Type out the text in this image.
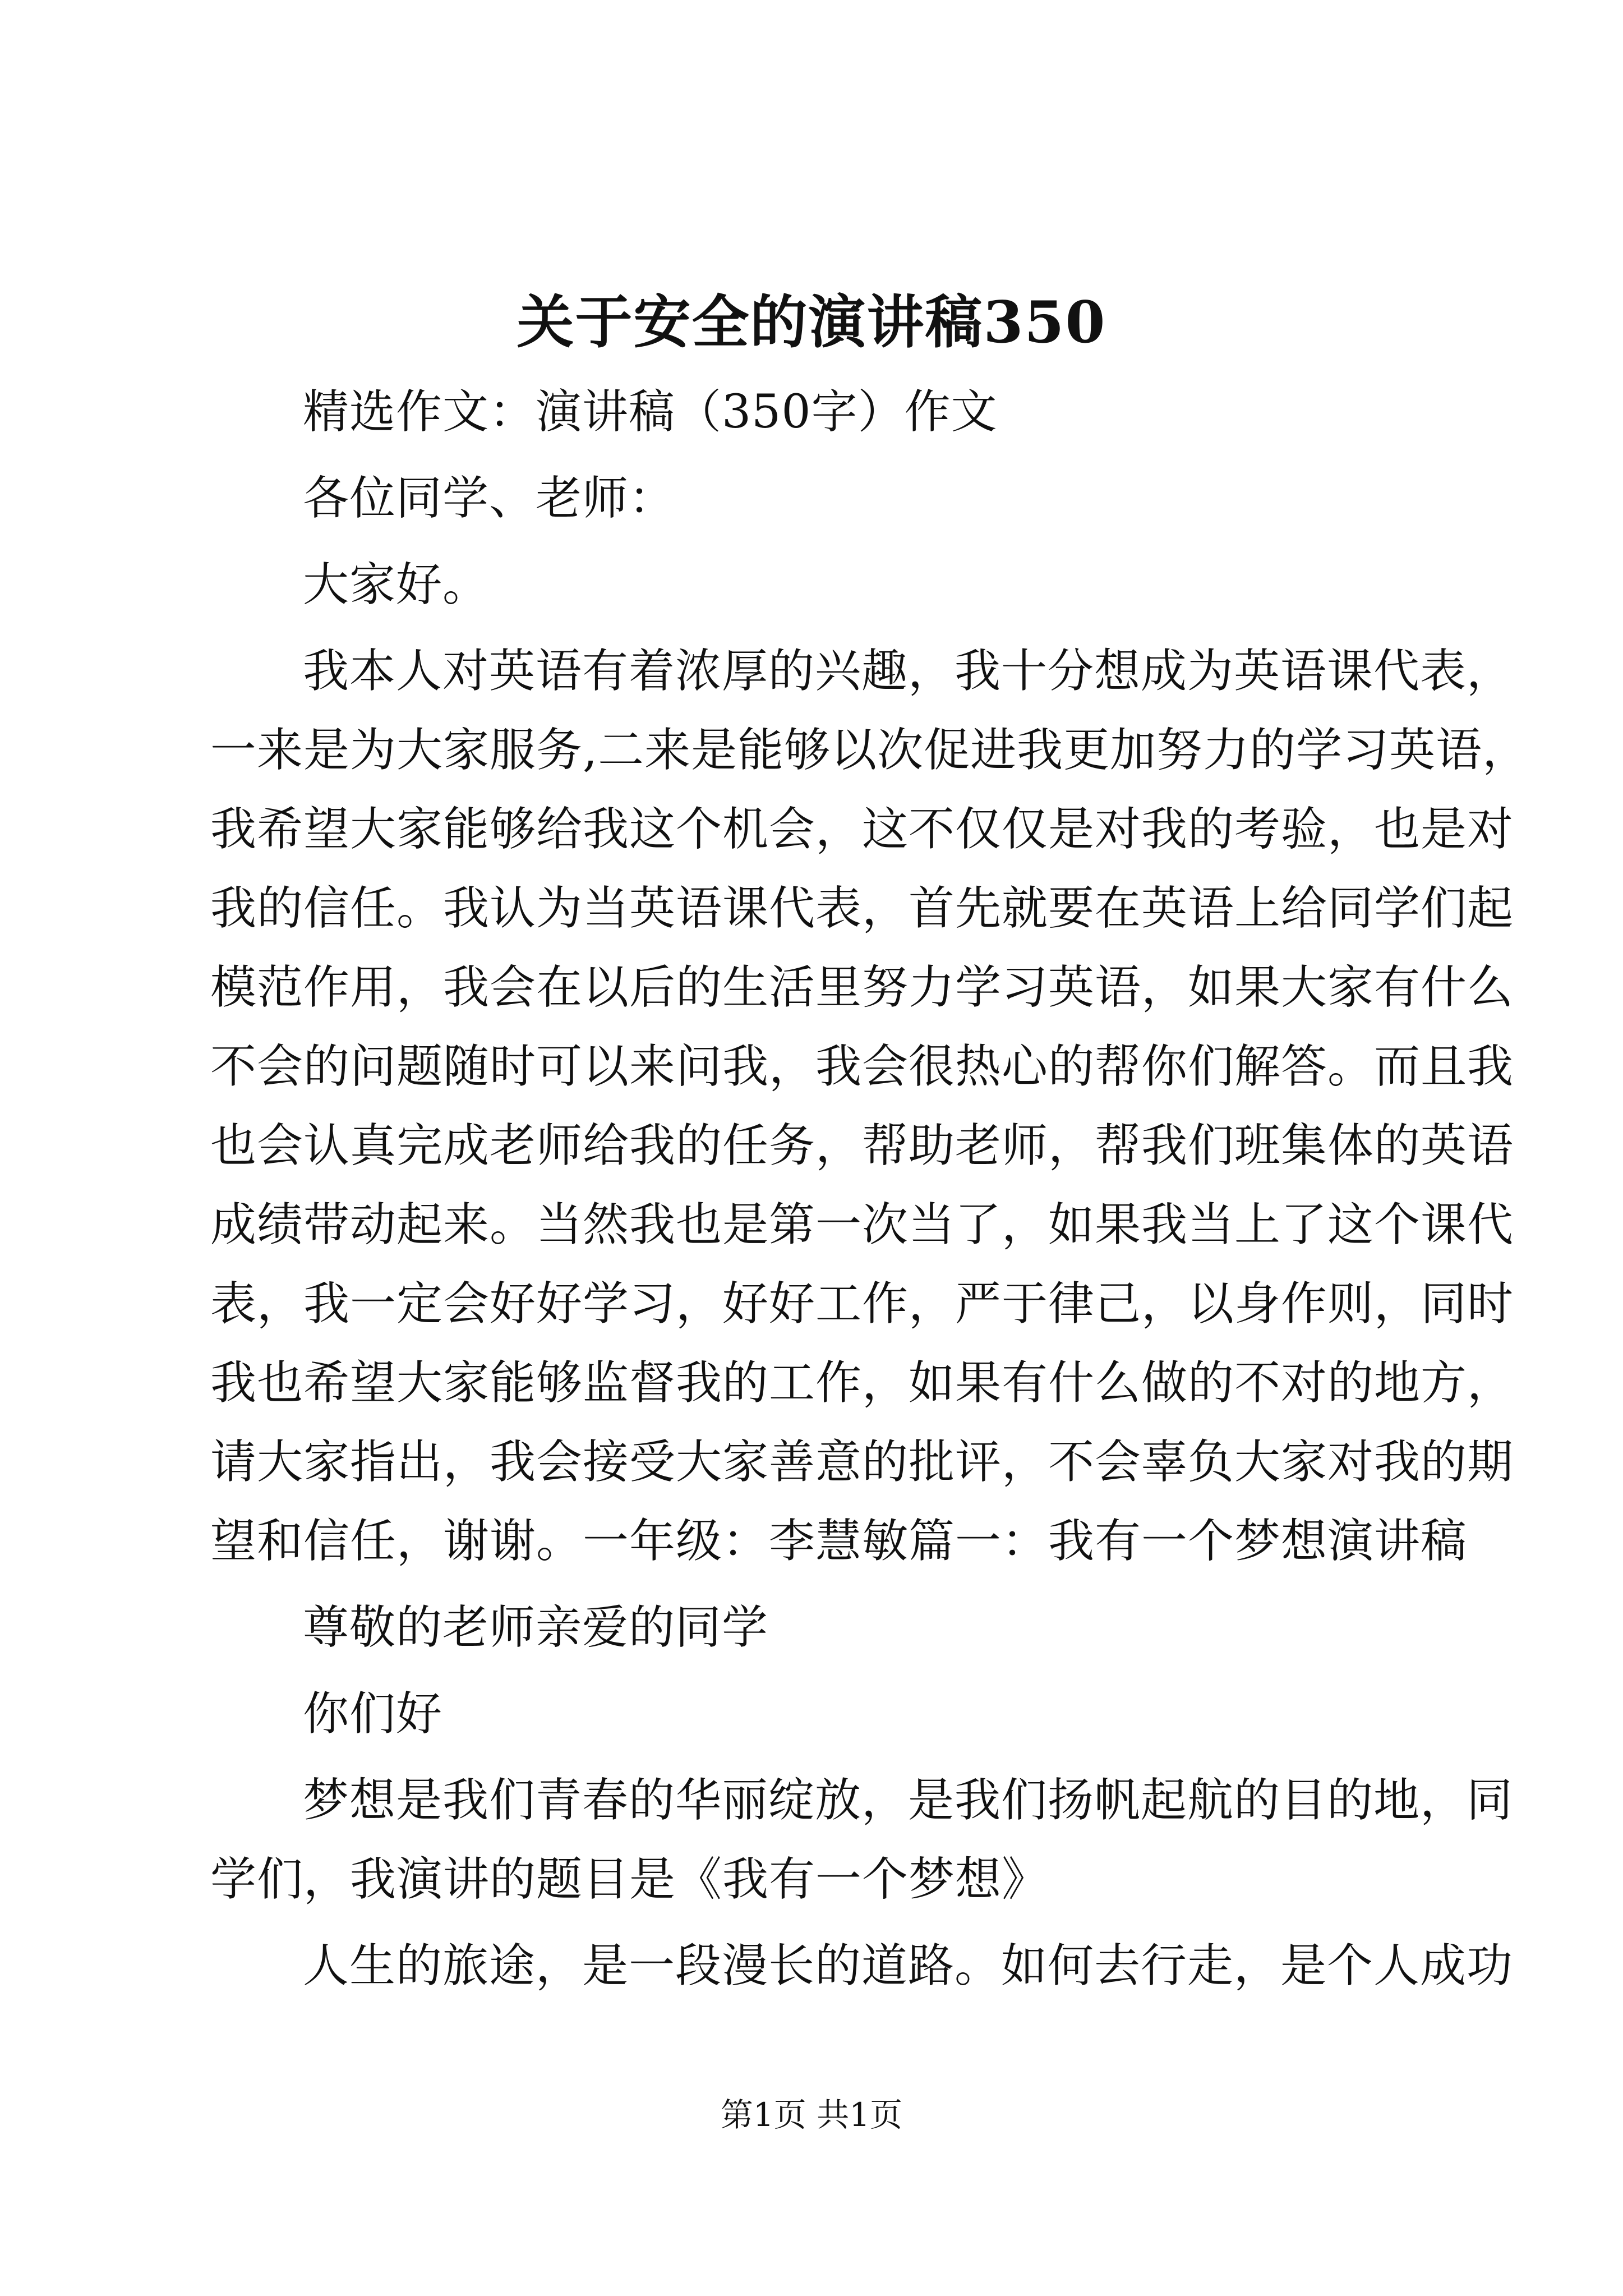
关于安全的演讲稿350
精选作文：演讲稿（350字）作文
各位同学、老师：
大家好。
我本人对英语有着浓厚的兴趣，我十分想成为英语课代表，
一来是为大家服务,二来是能够以次促进我更加努力的学习英语，
我希望大家能够给我这个机会，这不仅仅是对我的考验，也是对
我的信任。我认为当英语课代表，首先就要在英语上给同学们起
模范作用，我会在以后的生活里努力学习英语，如果大家有什么
不会的问题随时可以来问我，我会很热心的帮你们解答。而且我
也会认真完成老师给我的任务，帮助老师，帮我们班集体的英语
成绩带动起来。当然我也是第一次当了，如果我当上了这个课代
表，我一定会好好学习，好好工作，严于律己，以身作则，同时
我也希望大家能够监督我的工作，如果有什么做的不对的地方，
请大家指出，我会接受大家善意的批评，不会辜负大家对我的期
望和信任，谢谢。一年级：李慧敏篇一：我有一个梦想演讲稿
尊敬的老师亲爱的同学
你们好
梦想是我们青春的华丽绽放，是我们扬帆起航的目的地，同
学们，我演讲的题目是《我有一个梦想》
人生的旅途，是一段漫长的道路。如何去行走，是个人成功
第1页 共1页
